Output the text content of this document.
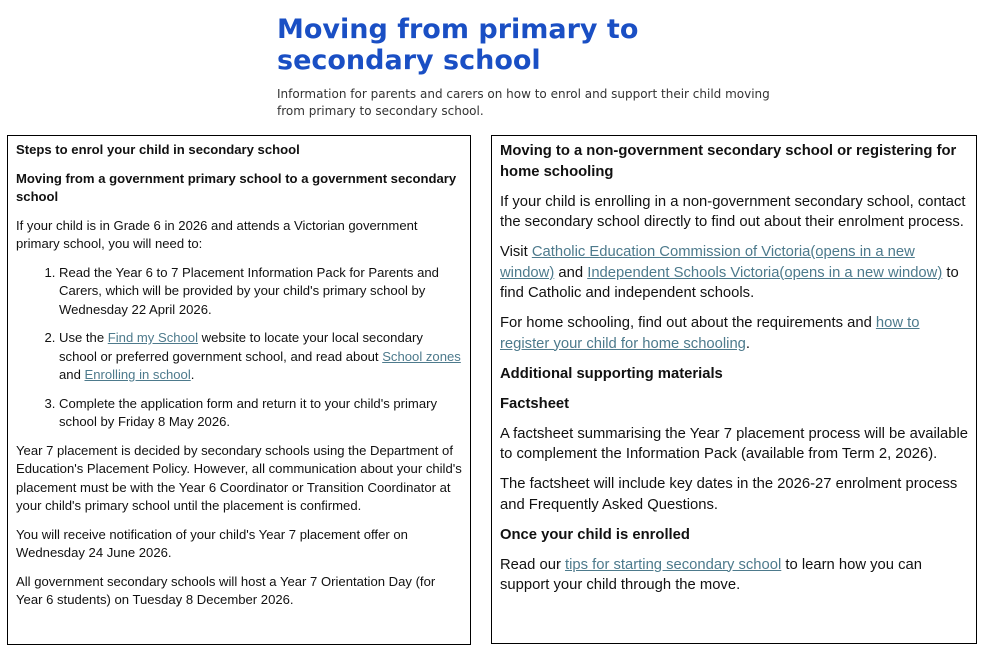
Moving from primary to secondary school

Information for parents and carers on how to enrol and support their child moving from primary to secondary school.

Steps to enrol your child in secondary school

Moving from a government primary school to a government secondary school

If your child is in Grade 6 in 2026 and attends a Victorian government primary school, you will need to:

1. Read the Year 6 to 7 Placement Information Pack for Parents and Carers, which will be provided by your child's primary school by Wednesday 22 April 2026.
2. Use the Find my School website to locate your local secondary school or preferred government school, and read about School zones and Enrolling in school.
3. Complete the application form and return it to your child's primary school by Friday 8 May 2026.

Year 7 placement is decided by secondary schools using the Department of Education's Placement Policy. However, all communication about your child's placement must be with the Year 6 Coordinator or Transition Coordinator at your child's primary school until the placement is confirmed.

You will receive notification of your child's Year 7 placement offer on Wednesday 24 June 2026.

All government secondary schools will host a Year 7 Orientation Day (for Year 6 students) on Tuesday 8 December 2026.

Moving to a non-government secondary school or registering for home schooling

If your child is enrolling in a non-government secondary school, contact the secondary school directly to find out about their enrolment process.

Visit Catholic Education Commission of Victoria(opens in a new window) and Independent Schools Victoria(opens in a new window) to find Catholic and independent schools.

For home schooling, find out about the requirements and how to register your child for home schooling.

Additional supporting materials

Factsheet

A factsheet summarising the Year 7 placement process will be available to complement the Information Pack (available from Term 2, 2026).

The factsheet will include key dates in the 2026-27 enrolment process and Frequently Asked Questions.

Once your child is enrolled

Read our tips for starting secondary school to learn how you can support your child through the move.
